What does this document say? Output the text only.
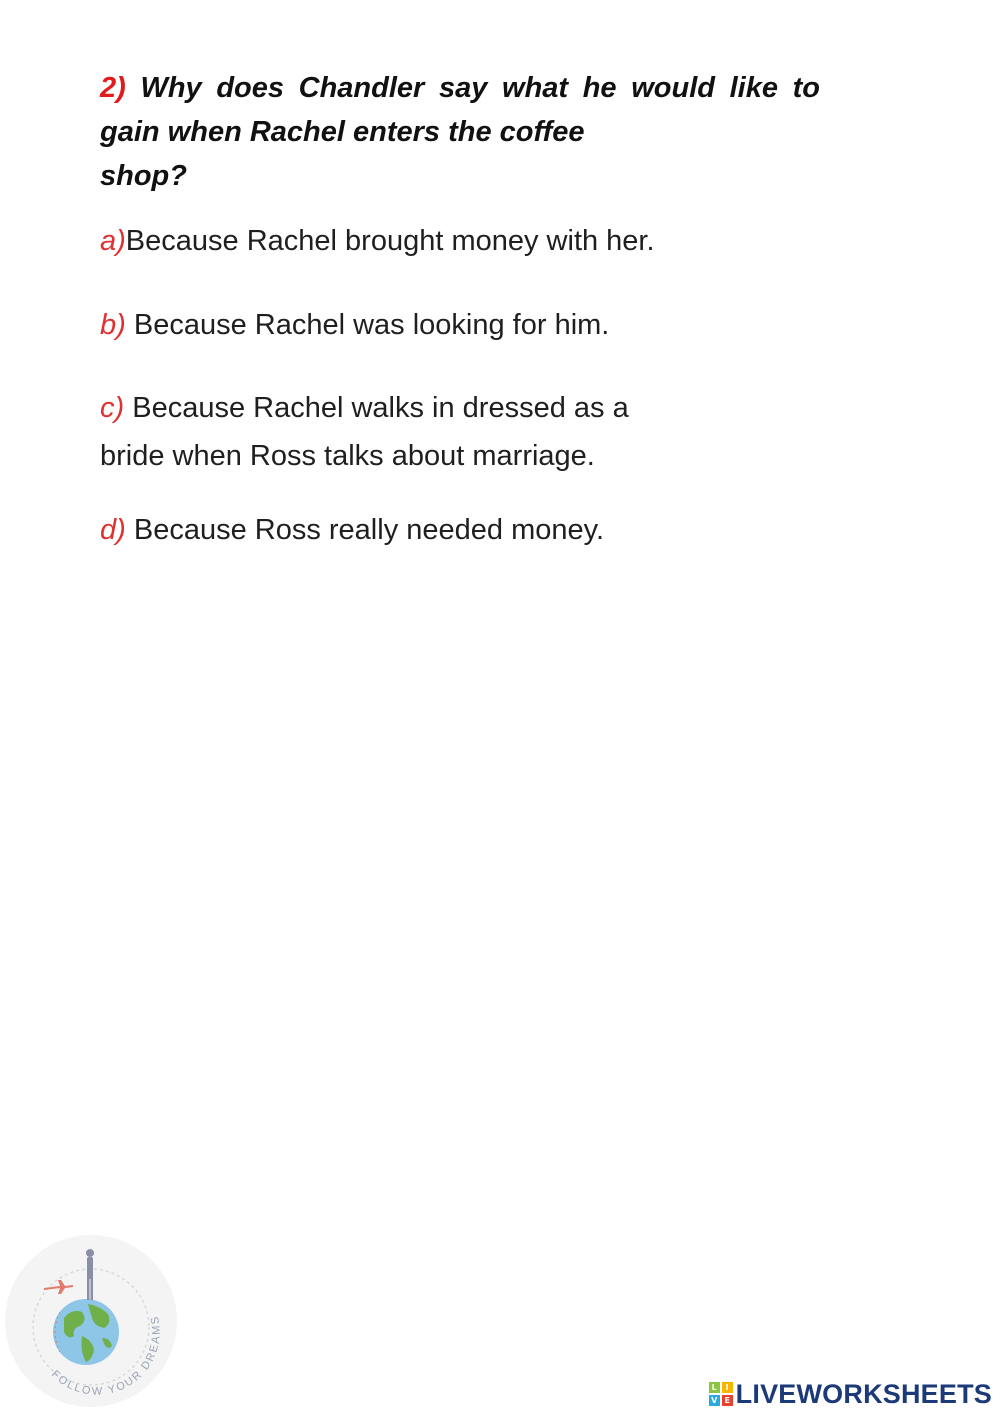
2) Why does Chandler say what he would like to
gain when Rachel enters the coffee
shop?
a)Because Rachel brought money with her.
b) Because Rachel was looking for him.
c) Because Rachel walks in dressed as a bride when Ross talks about marriage.
d) Because Ross really needed money.
FOLLOW YOUR DREAMS
L	I
V E LIVEWORKSHEETS
